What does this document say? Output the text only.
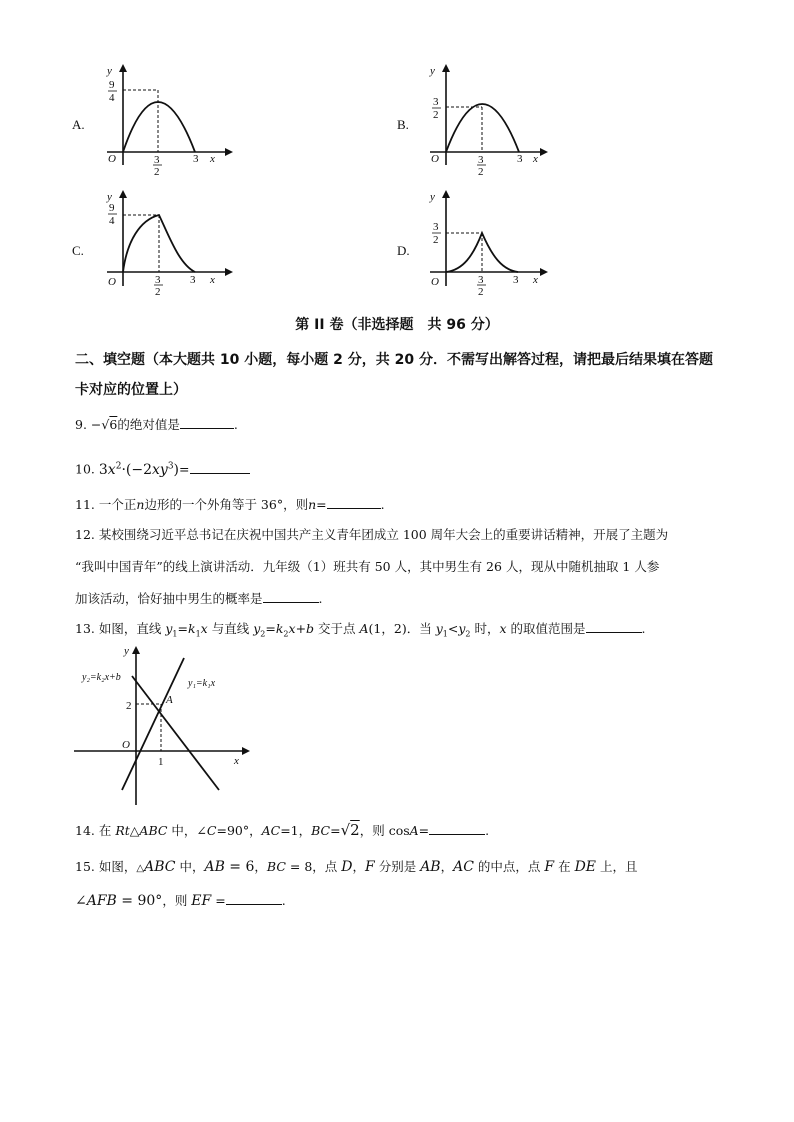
A.
y
9
4
O	3
2
3 x
B.
y
3
2
O	3
2
3 x
C.
y
9
4
O	3
2
3 x
D.
y
3
2
O	3
2
3 x
第 II 卷（非选择题　共 96 分）
二、填空题（本大题共 10 小题，每小题 2 分，共 20 分．不需写出解答过程，请把最后结果填在答题卡对应的位置上）
9. −√6的绝对值是	.
10. $3x^2\cdot(-2xy^3)=$
11. 一个正n边形的一个外角等于 36°，则n=	.
12. 某校围绕习近平总书记在庆祝中国共产主义青年团成立 100 周年大会上的重要讲话精神，开展了主题为
“我叫中国青年”的线上演讲活动．九年级（1）班共有 50 人，其中男生有 26 人，现从中随机抽取 1 人参
加该活动，恰好抽中男生的概率是	.
13. 如图，直线 $y_1=k_1x$ 与直线 $y_2=k_2x+b$ 交于点 A(1，2)．当 $y_1<y_2$ 时，x 的取值范围是	.
y
x
O
2
1
A
y₁=k₁x
y₂=k₂x+b
14. 在 Rt△ABC 中，∠C=90°，AC=1，BC=√2，则 cosA=	.
15. 如图，△ABC 中，AB = 6，BC = 8，点 D，F 分别是 AB，AC 的中点，点 F 在 DE 上，且
∠AFB = 90°，则 EF =	.
